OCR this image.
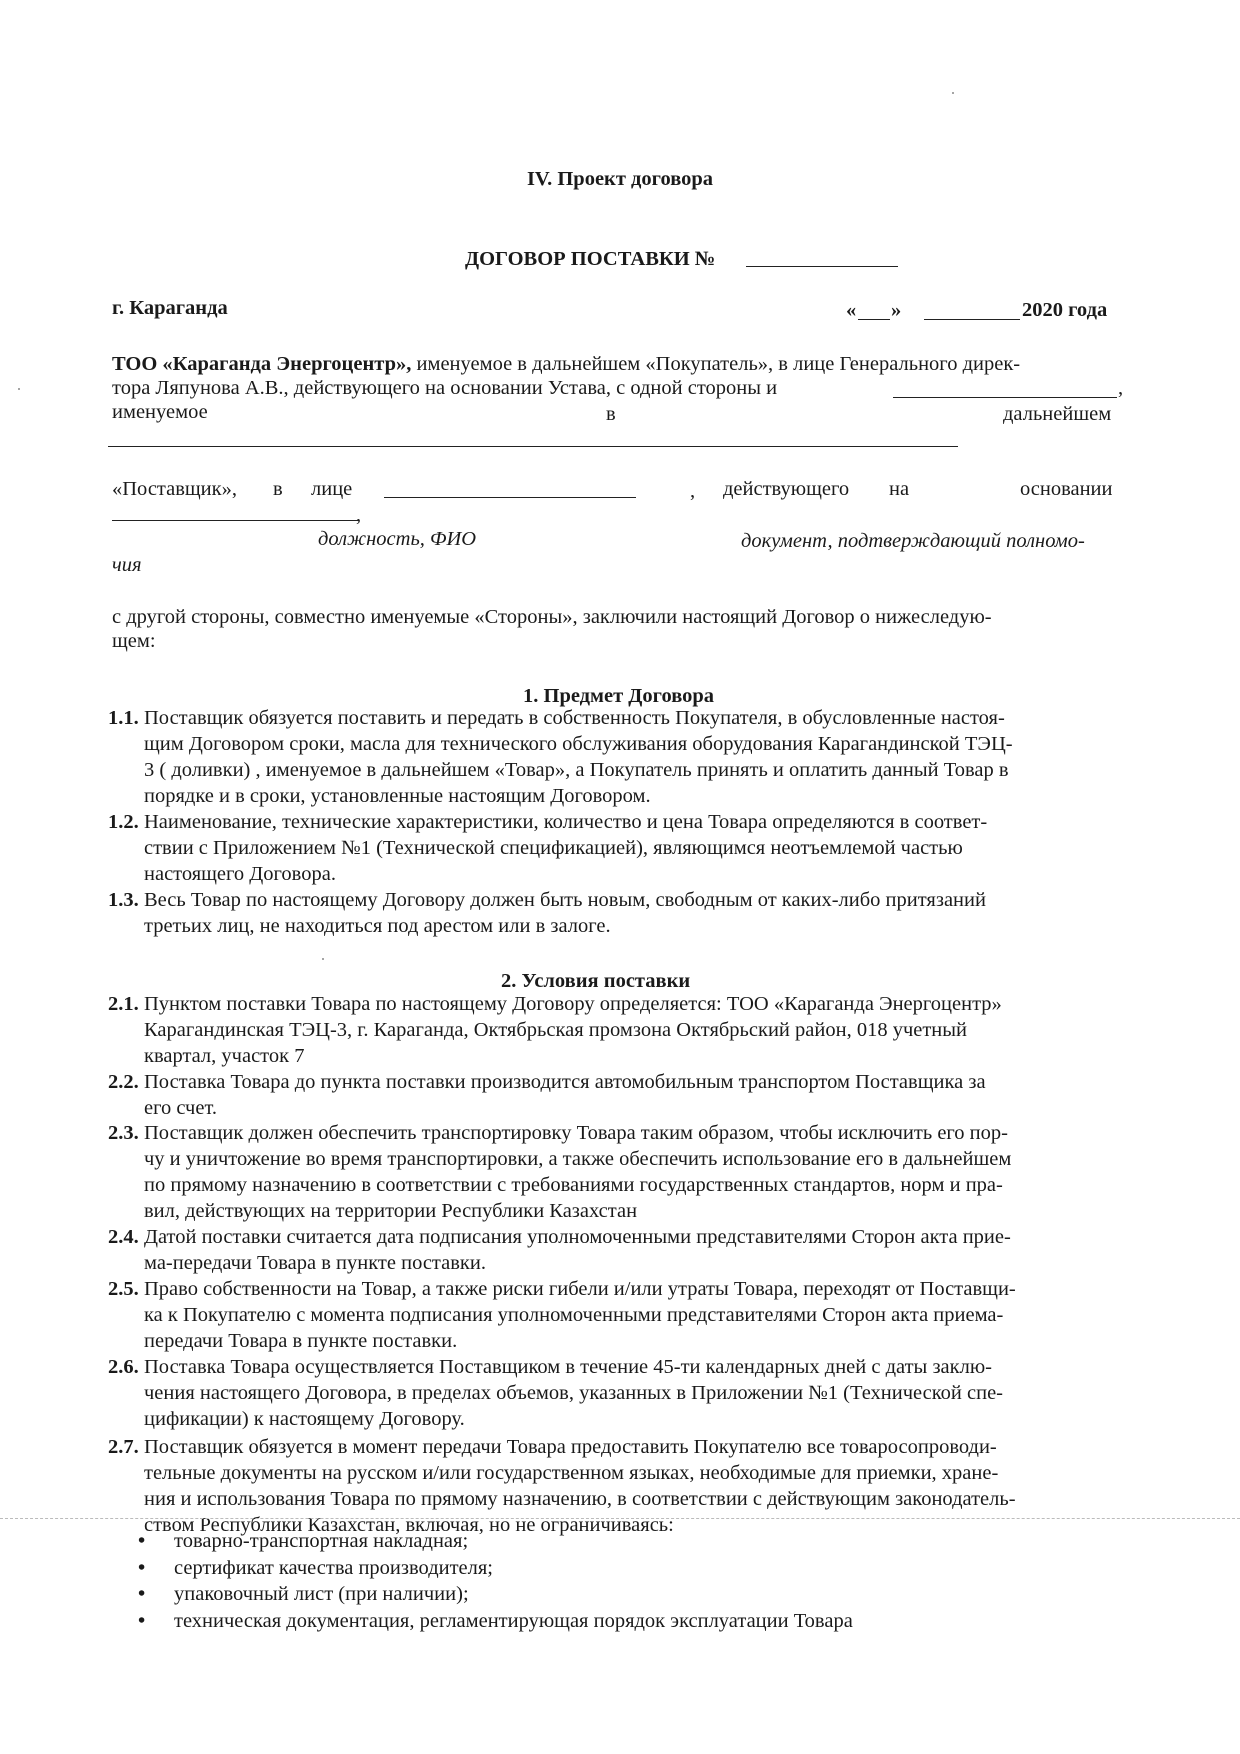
IV. Проект договора
ДОГОВОР ПОСТАВКИ №
г. Караганда	« »	2020 года
ТОО «Караганда Энергоцентр», именуемое в дальнейшем «Покупатель», в лице Генерального дирек-
тора Ляпунова А.В., действующего на основании Устава, с одной стороны и	,
именуемое	в	дальнейшем
«Поставщик», в лице	, действующего на	основании
,
должность, ФИО	документ, подтверждающий полномо-
чия
с другой стороны, совместно именуемые «Стороны», заключили настоящий Договор о нижеследую-
щем:
1. Предмет Договора
1.1. Поставщик обязуется поставить и передать в собственность Покупателя, в обусловленные настоя-
щим Договором сроки, масла для технического обслуживания оборудования Карагандинской ТЭЦ-
3 ( доливки) , именуемое в дальнейшем «Товар», а Покупатель принять и оплатить данный Товар в
порядке и в сроки, установленные настоящим Договором.
1.2. Наименование, технические характеристики, количество и цена Товара определяются в соответ-
ствии с Приложением №1 (Технической спецификацией), являющимся неотъемлемой частью
настоящего Договора.
1.3. Весь Товар по настоящему Договору должен быть новым, свободным от каких-либо притязаний
третьих лиц, не находиться под арестом или в залоге.
2. Условия поставки
2.1. Пунктом поставки Товара по настоящему Договору определяется: ТОО «Караганда Энергоцентр»
Карагандинская ТЭЦ-3, г. Караганда, Октябрьская промзона Октябрьский район, 018 учетный
квартал, участок 7
2.2. Поставка Товара до пункта поставки производится автомобильным транспортом Поставщика за
его счет.
2.3. Поставщик должен обеспечить транспортировку Товара таким образом, чтобы исключить его пор-
чу и уничтожение во время транспортировки, а также обеспечить использование его в дальнейшем
по прямому назначению в соответствии с требованиями государственных стандартов, норм и пра-
вил, действующих на территории Республики Казахстан
2.4. Датой поставки считается дата подписания уполномоченными представителями Сторон акта прие-
ма-передачи Товара в пункте поставки.
2.5. Право собственности на Товар, а также риски гибели и/или утраты Товара, переходят от Поставщи-
ка к Покупателю с момента подписания уполномоченными представителями Сторон акта приема-
передачи Товара в пункте поставки.
2.6. Поставка Товара осуществляется Поставщиком в течение 45-ти календарных дней с даты заклю-
чения настоящего Договора, в пределах объемов, указанных в Приложении №1 (Технической спе-
цификации) к настоящему Договору.
2.7. Поставщик обязуется в момент передачи Товара предоставить Покупателю все товаросопроводи-
тельные документы на русском и/или государственном языках, необходимые для приемки, хране-
ния и использования Товара по прямому назначению, в соответствии с действующим законодатель-
ством Республики Казахстан, включая, но не ограничиваясь:
• товарно-транспортная накладная;
• сертификат качества производителя;
• упаковочный лист (при наличии);
• техническая документация, регламентирующая порядок эксплуатации Товара
